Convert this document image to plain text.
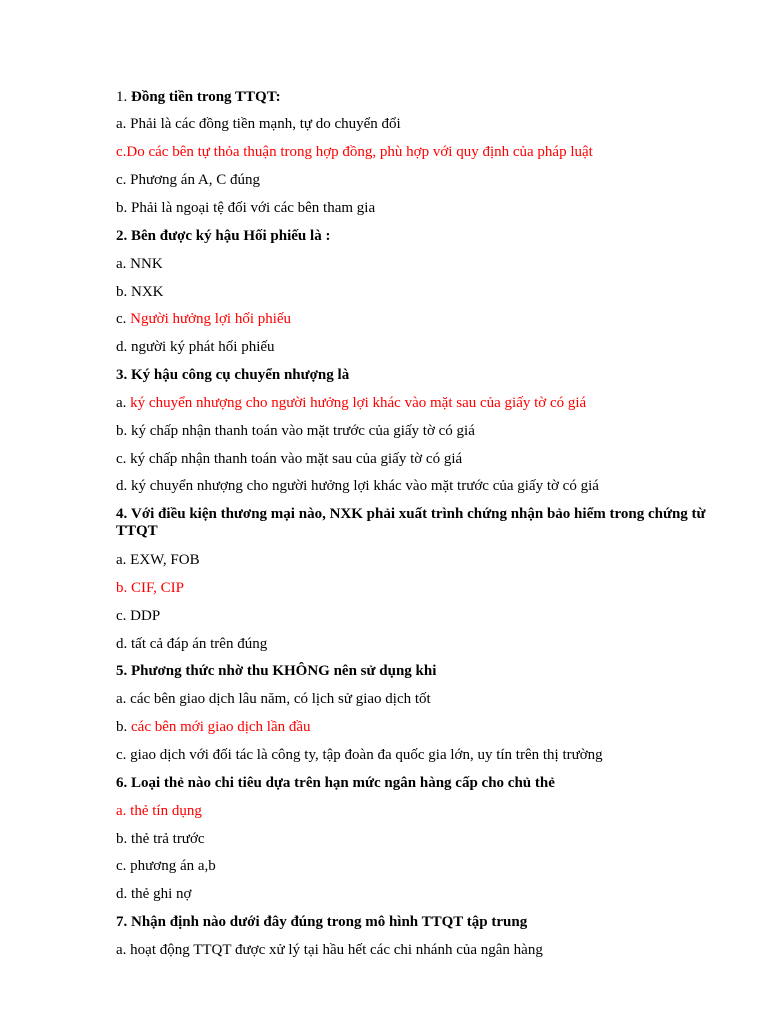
1. Đồng tiền trong TTQT:
a. Phải là các đồng tiền mạnh, tự do chuyển đổi
c.Do các bên tự thỏa thuận trong hợp đồng, phù hợp với quy định của pháp luật
c. Phương án A, C đúng
b. Phải là ngoại tệ đối với các bên tham gia
2. Bên được ký hậu Hối phiếu là :
a. NNK
b. NXK
c. Người hưởng lợi hối phiếu
d. người ký phát hối phiếu
3. Ký hậu công cụ chuyển nhượng là
a. ký chuyển nhượng cho người hưởng lợi khác vào mặt sau của giấy tờ có giá
b. ký chấp nhận thanh toán vào mặt trước của giấy tờ có giá
c. ký chấp nhận thanh toán vào mặt sau của giấy tờ có giá
d. ký chuyển nhượng cho người hưởng lợi khác vào mặt trước của giấy tờ có giá
4. Với điều kiện thương mại nào, NXK phải xuất trình chứng nhận bảo hiểm trong chứng từ TTQT
a. EXW, FOB
b. CIF, CIP
c. DDP
d. tất cả đáp án trên đúng
5. Phương thức nhờ thu KHÔNG nên sử dụng khi
a. các bên giao dịch lâu năm, có lịch sử giao dịch tốt
b. các bên mới giao dịch lần đầu
c. giao dịch với đối tác là công ty, tập đoàn đa quốc gia lớn, uy tín trên thị trường
6. Loại thẻ nào chi tiêu dựa trên hạn mức ngân hàng cấp cho chủ thẻ
a. thẻ tín dụng
b. thẻ trả trước
c. phương án a,b
d. thẻ ghi nợ
7. Nhận định nào dưới đây đúng trong mô hình TTQT tập trung
a. hoạt động TTQT được xử lý tại hầu hết các chi nhánh của ngân hàng
